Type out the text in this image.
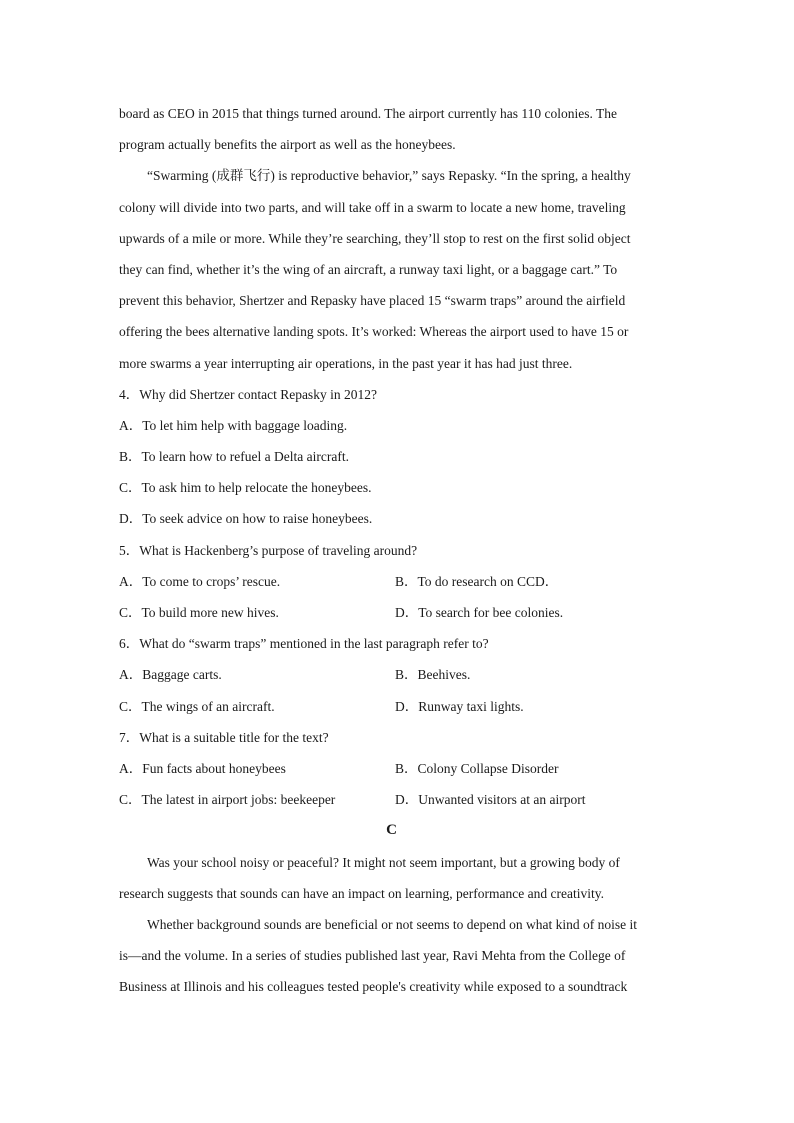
board as CEO in 2015 that things turned around. The airport currently has 110 colonies. The
program actually benefits the airport as well as the honeybees.
“Swarming (成群飞行) is reproductive behavior,” says Repasky. “In the spring, a healthy
colony will divide into two parts, and will take off in a swarm to locate a new home, traveling
upwards of a mile or more. While they’re searching, they’ll stop to rest on the first solid object
they can find, whether it’s the wing of an aircraft, a runway taxi light, or a baggage cart.” To
prevent this behavior, Shertzer and Repasky have placed 15 “swarm traps” around the airfield
offering the bees alternative landing spots. It’s worked: Whereas the airport used to have 15 or
more swarms a year interrupting air operations, in the past year it has had just three.
4．Why did Shertzer contact Repasky in 2012?
A．To let him help with baggage loading.
B．To learn how to refuel a Delta aircraft.
C．To ask him to help relocate the honeybees.
D．To seek advice on how to raise honeybees.
5．What is Hackenberg’s purpose of traveling around?
A．To come to crops’ rescue.	B．To do research on CCD．
C．To build more new hives.	D．To search for bee colonies.
6．What do “swarm traps” mentioned in the last paragraph refer to?
A．Baggage carts.	B．Beehives.
C．The wings of an aircraft.	D．Runway taxi lights.
7．What is a suitable title for the text?
A．Fun facts about honeybees	B．Colony Collapse Disorder
C．The latest in airport jobs: beekeeper	D．Unwanted visitors at an airport
C
Was your school noisy or peaceful? It might not seem important, but a growing body of
research suggests that sounds can have an impact on learning, performance and creativity.
Whether background sounds are beneficial or not seems to depend on what kind of noise it
is—and the volume. In a series of studies published last year, Ravi Mehta from the College of
Business at Illinois and his colleagues tested people's creativity while exposed to a soundtrack
